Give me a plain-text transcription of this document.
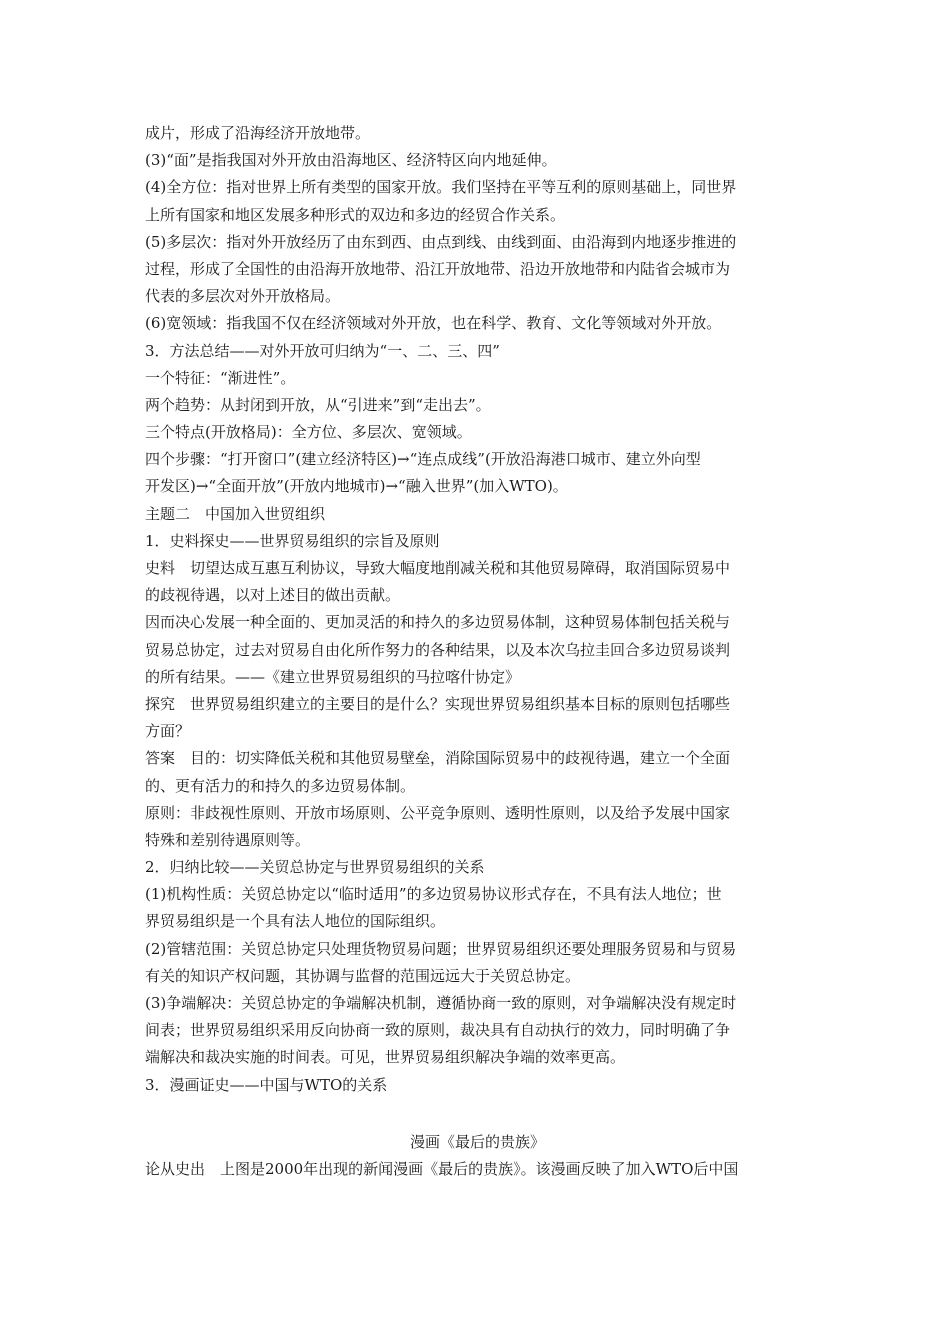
成片，形成了沿海经济开放地带。
(3)“面”是指我国对外开放由沿海地区、经济特区向内地延伸。
(4)全方位：指对世界上所有类型的国家开放。我们坚持在平等互利的原则基础上，同世界
上所有国家和地区发展多种形式的双边和多边的经贸合作关系。
(5)多层次：指对外开放经历了由东到西、由点到线、由线到面、由沿海到内地逐步推进的
过程，形成了全国性的由沿海开放地带、沿江开放地带、沿边开放地带和内陆省会城市为
代表的多层次对外开放格局。
(6)宽领域：指我国不仅在经济领域对外开放，也在科学、教育、文化等领域对外开放。
3．方法总结——对外开放可归纳为“一、二、三、四”
一个特征：“渐进性”。
两个趋势：从封闭到开放，从“引进来”到“走出去”。
三个特点(开放格局)：全方位、多层次、宽领域。
四个步骤：“打开窗口”(建立经济特区)→“连点成线”(开放沿海港口城市、建立外向型
开发区)→“全面开放”(开放内地城市)→“融入世界”(加入WTO)。
主题二　中国加入世贸组织
1．史料探史——世界贸易组织的宗旨及原则
史料　切望达成互惠互利协议，导致大幅度地削减关税和其他贸易障碍，取消国际贸易中
的歧视待遇，以对上述目的做出贡献。
因而决心发展一种全面的、更加灵活的和持久的多边贸易体制，这种贸易体制包括关税与
贸易总协定，过去对贸易自由化所作努力的各种结果，以及本次乌拉圭回合多边贸易谈判
的所有结果。——《建立世界贸易组织的马拉喀什协定》
探究　世界贸易组织建立的主要目的是什么？实现世界贸易组织基本目标的原则包括哪些
方面？
答案　目的：切实降低关税和其他贸易壁垒，消除国际贸易中的歧视待遇，建立一个全面
的、更有活力的和持久的多边贸易体制。
原则：非歧视性原则、开放市场原则、公平竞争原则、透明性原则，以及给予发展中国家
特殊和差别待遇原则等。
2．归纳比较——关贸总协定与世界贸易组织的关系
(1)机构性质：关贸总协定以“临时适用”的多边贸易协议形式存在，不具有法人地位；世
界贸易组织是一个具有法人地位的国际组织。
(2)管辖范围：关贸总协定只处理货物贸易问题；世界贸易组织还要处理服务贸易和与贸易
有关的知识产权问题，其协调与监督的范围远远大于关贸总协定。
(3)争端解决：关贸总协定的争端解决机制，遵循协商一致的原则，对争端解决没有规定时
间表；世界贸易组织采用反向协商一致的原则，裁决具有自动执行的效力，同时明确了争
端解决和裁决实施的时间表。可见，世界贸易组织解决争端的效率更高。
3．漫画证史——中国与WTO的关系
漫画《最后的贵族》
论从史出　上图是2000年出现的新闻漫画《最后的贵族》。该漫画反映了加入WTO后中国
